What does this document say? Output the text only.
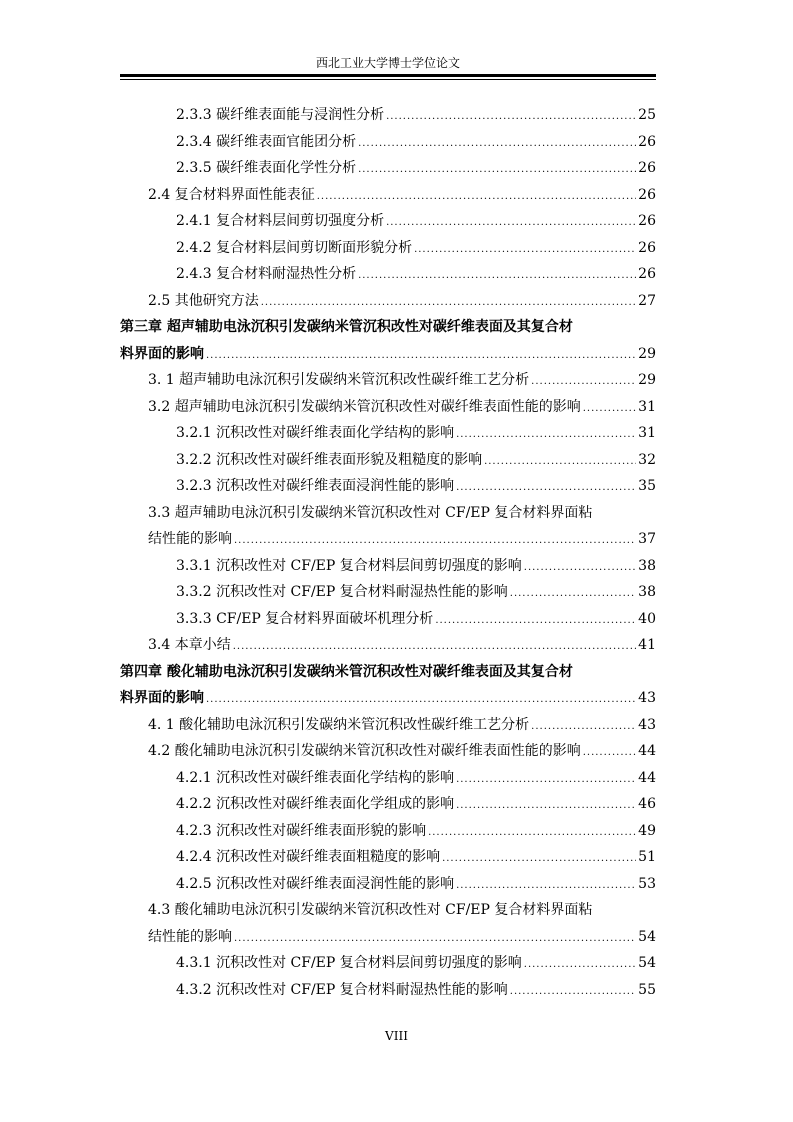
西北工业大学博士学位论文
2.3.3 碳纤维表面能与浸润性分析 .....	25
2.3.4 碳纤维表面官能团分析 .....	26
2.3.5 碳纤维表面化学性分析 .....	26
2.4 复合材料界面性能表征 .....	26
2.4.1 复合材料层间剪切强度分析 .....	26
2.4.2 复合材料层间剪切断面形貌分析 .....	26
2.4.3 复合材料耐湿热性分析 .....	26
2.5 其他研究方法 .....	27
第三章 超声辅助电泳沉积引发碳纳米管沉积改性对碳纤维表面及其复合材
料界面的影响 .....	29
3. 1 超声辅助电泳沉积引发碳纳米管沉积改性碳纤维工艺分析 .....	29
3.2 超声辅助电泳沉积引发碳纳米管沉积改性对碳纤维表面性能的影响 .....	31
3.2.1 沉积改性对碳纤维表面化学结构的影响 .....	31
3.2.2 沉积改性对碳纤维表面形貌及粗糙度的影响 .....	32
3.2.3 沉积改性对碳纤维表面浸润性能的影响 .....	35
3.3 超声辅助电泳沉积引发碳纳米管沉积改性对 CF/EP 复合材料界面粘
结性能的影响 .....	37
3.3.1 沉积改性对 CF/EP 复合材料层间剪切强度的影响 .....	38
3.3.2 沉积改性对 CF/EP 复合材料耐湿热性能的影响 .....	38
3.3.3 CF/EP 复合材料界面破坏机理分析 .....	40
3.4 本章小结 .....	41
第四章 酸化辅助电泳沉积引发碳纳米管沉积改性对碳纤维表面及其复合材
料界面的影响 .....	43
4. 1 酸化辅助电泳沉积引发碳纳米管沉积改性碳纤维工艺分析 .....	43
4.2 酸化辅助电泳沉积引发碳纳米管沉积改性对碳纤维表面性能的影响 .....	44
4.2.1 沉积改性对碳纤维表面化学结构的影响 .....	44
4.2.2 沉积改性对碳纤维表面化学组成的影响 .....	46
4.2.3 沉积改性对碳纤维表面形貌的影响 .....	49
4.2.4 沉积改性对碳纤维表面粗糙度的影响 .....	51
4.2.5 沉积改性对碳纤维表面浸润性能的影响 .....	53
4.3 酸化辅助电泳沉积引发碳纳米管沉积改性对 CF/EP 复合材料界面粘
结性能的影响 .....	54
4.3.1 沉积改性对 CF/EP 复合材料层间剪切强度的影响 .....	54
4.3.2 沉积改性对 CF/EP 复合材料耐湿热性能的影响 .....	55
VIII
